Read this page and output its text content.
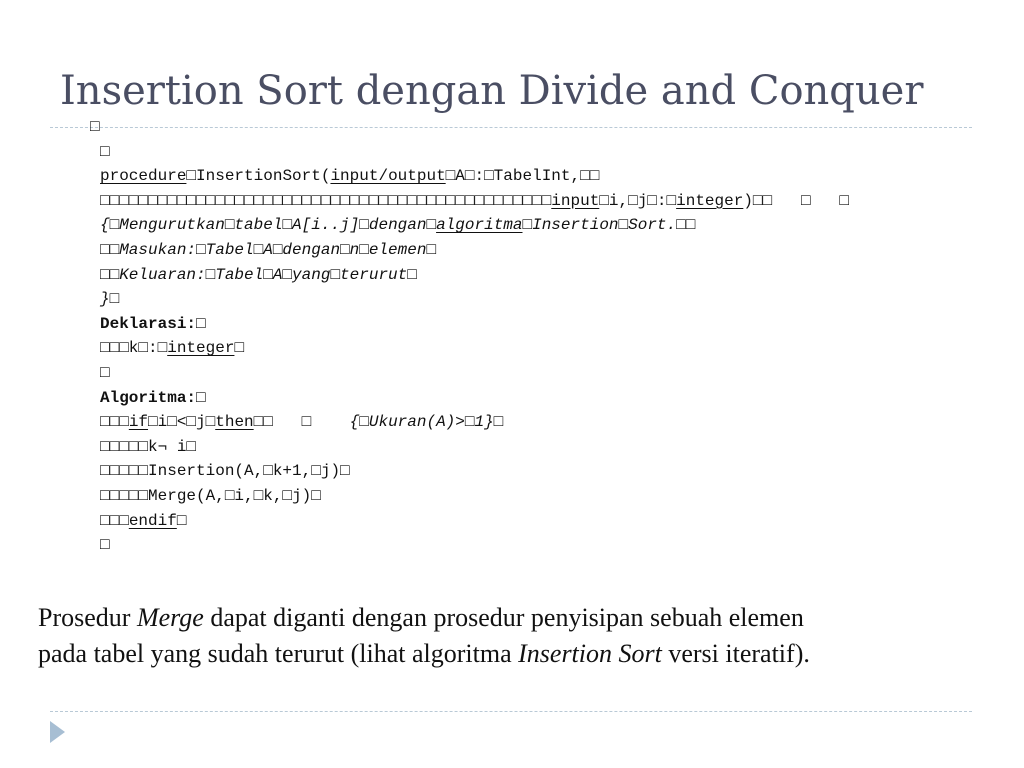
Insertion Sort dengan Divide and Conquer
□
□
procedure□InsertionSort(input/output□A□:□TabelInt,□□
□□□□□□□□□□□□□□□□□□□□□□□□□□□□□□□□□□□□□□□□□□□□□□□input□i,□j□:□integer)□□   □   □
{□Mengurutkan□tabel□A[i..j]□dengan□algoritma□Insertion□Sort.□□
□□Masukan:□Tabel□A□dengan□n□elemen□
□□Keluaran:□Tabel□A□yang□terurut□
}□
Deklarasi:□
□□□k□:□integer□
□
Algoritma:□
□□□if□i□<□j□then□□   □    {□Ukuran(A)>□1}□
□□□□□k¬ i□
□□□□□Insertion(A,□k+1,□j)□
□□□□□Merge(A,□i,□k,□j)□
□□□endif□
□
Prosedur Merge dapat diganti dengan prosedur penyisipan sebuah elemen
pada tabel yang sudah terurut (lihat algoritma Insertion Sort versi iteratif).
